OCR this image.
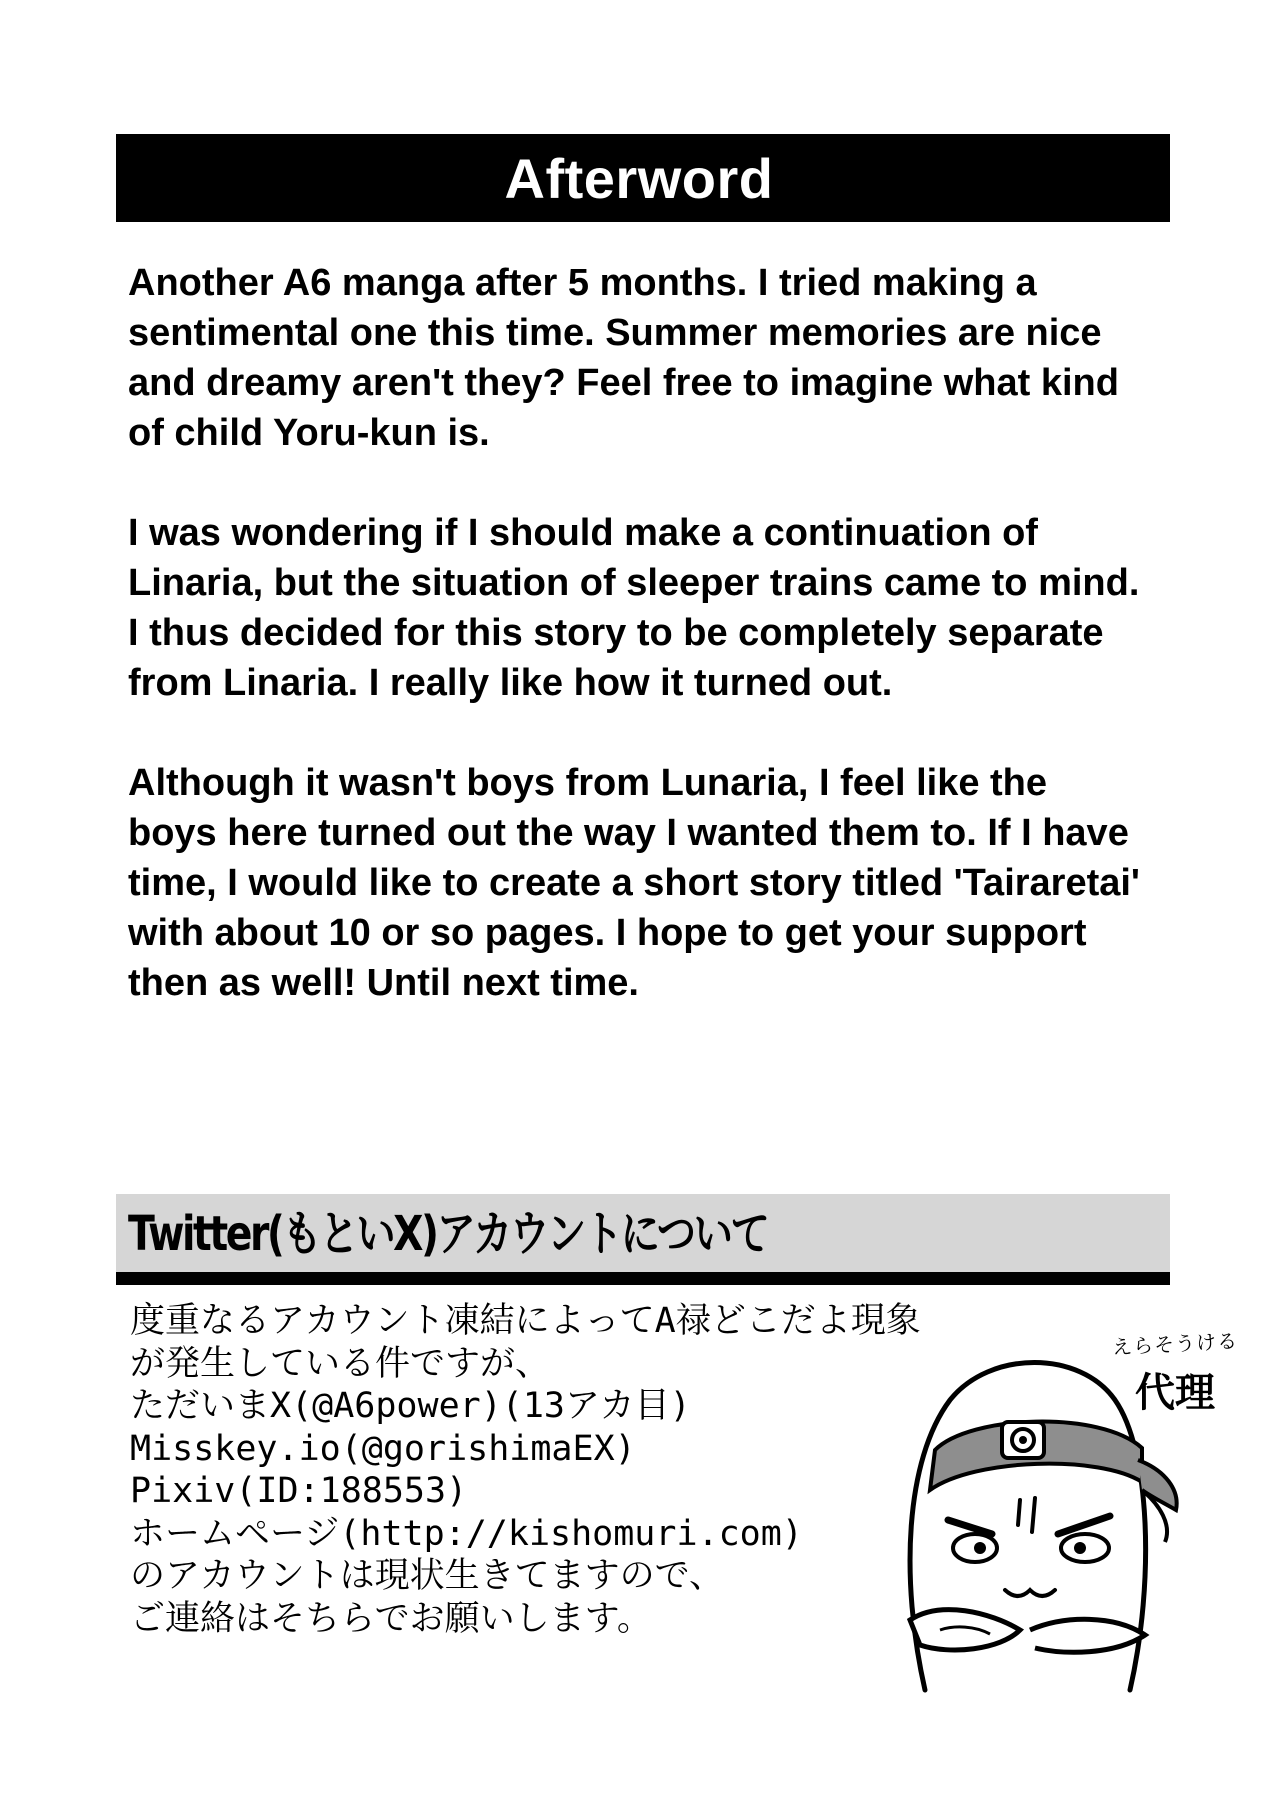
Afterword

Another A6 manga after 5 months. I tried making a
sentimental one this time. Summer memories are nice
and dreamy aren't they? Feel free to imagine what kind
of child Yoru-kun is.

I was wondering if I should make a continuation of
Linaria, but the situation of sleeper trains came to mind.
I thus decided for this story to be completely separate
from Linaria. I really like how it turned out.

Although it wasn't boys from Lunaria, I feel like the
boys here turned out the way I wanted them to. If I have
time, I would like to create a short story titled 'Tairaretai'
with about 10 or so pages. I hope to get your support
then as well! Until next time.

Twitter(もといX)アカウントについて
度重なるアカウント凍結によってA禄どこだよ現象
が発生している件ですが、
ただいまX(@A6power)(13アカ目)
Misskey.io(@gorishimaEX)
Pixiv(ID:188553)
ホームページ(http://kishomuri.com)
のアカウントは現状生きてますので、
ご連絡はそちらでお願いします。
えらそうける
代理
